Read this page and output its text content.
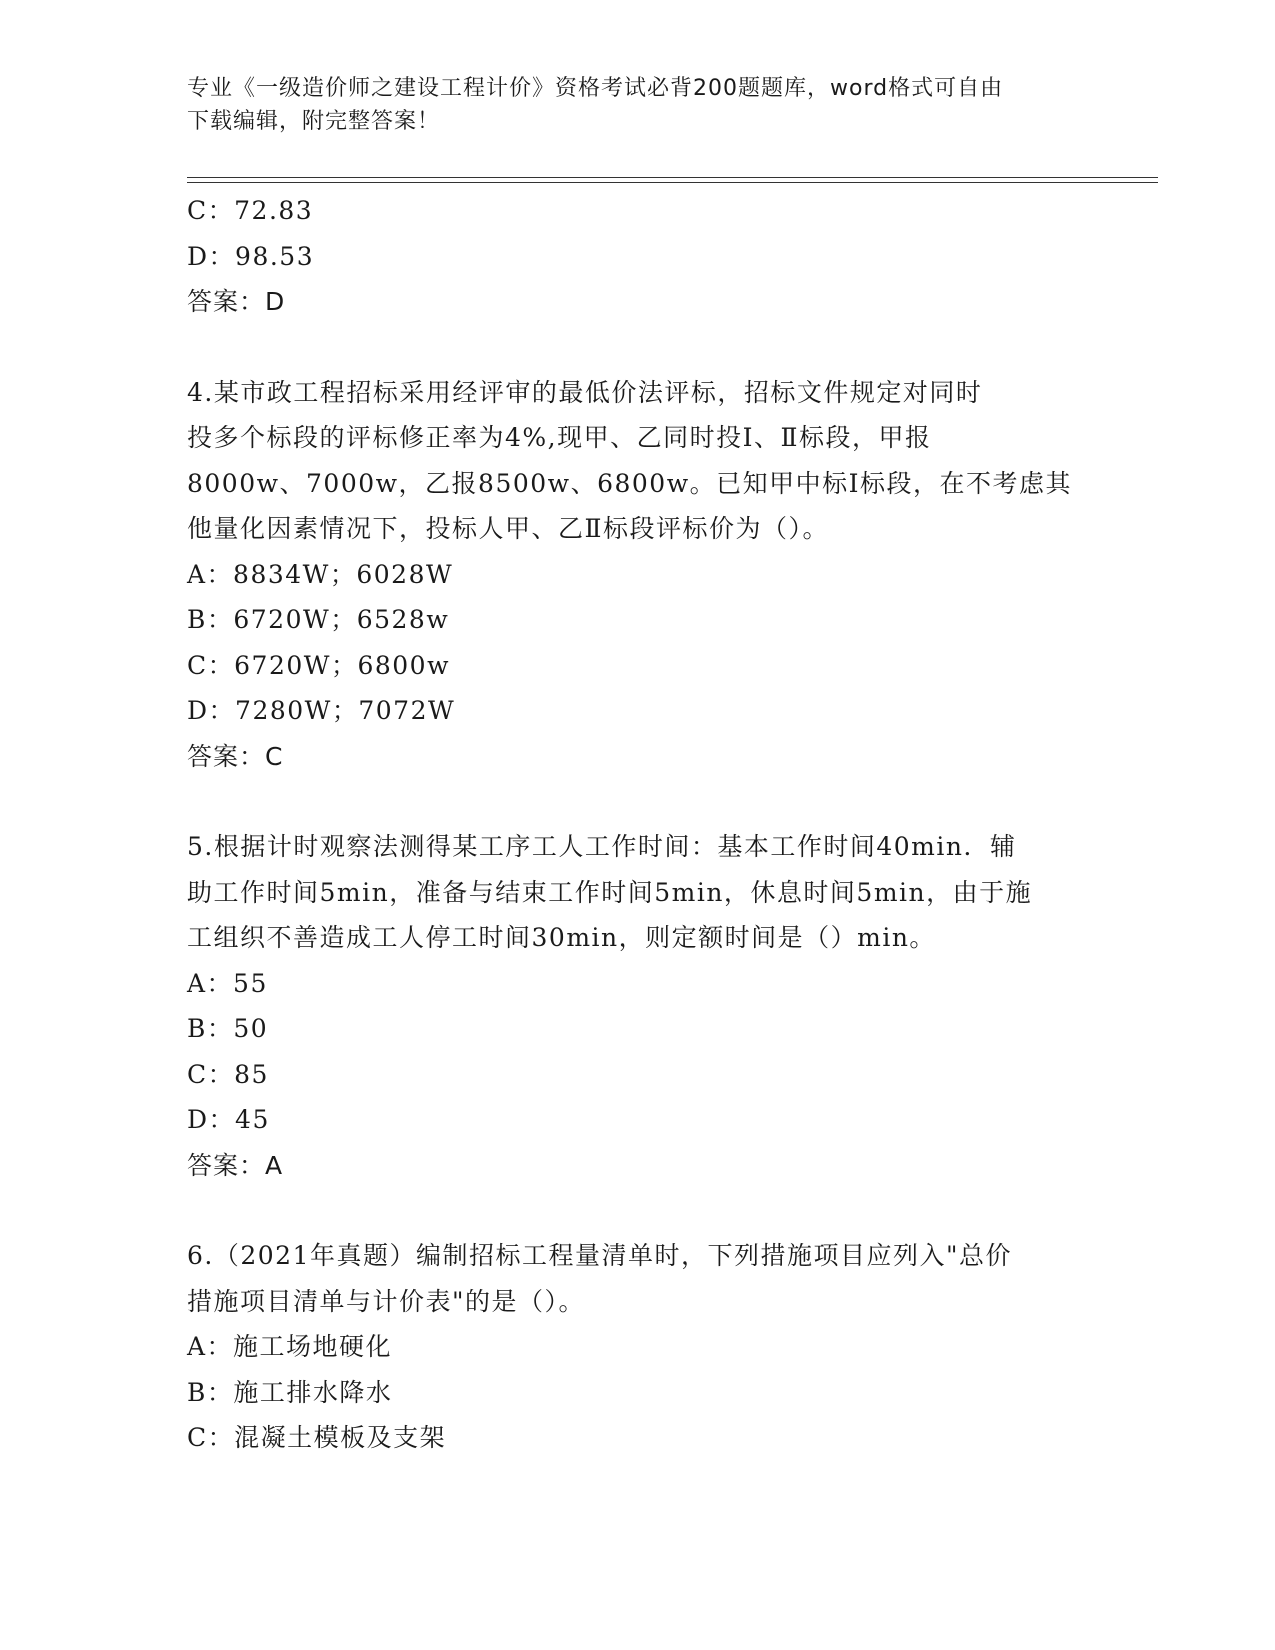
专业《一级造价师之建设工程计价》资格考试必背200题题库，word格式可自由
下载编辑，附完整答案！
C：72.83
D：98.53
答案：D
4.某市政工程招标采用经评审的最低价法评标，招标文件规定对同时
投多个标段的评标修正率为4%,现甲、乙同时投Ⅰ、Ⅱ标段，甲报
8000w、7000w，乙报8500w、6800w。已知甲中标Ⅰ标段，在不考虑其
他量化因素情况下，投标人甲、乙Ⅱ标段评标价为（）。
A：8834W；6028W
B：6720W；6528w
C：6720W；6800w
D：7280W；7072W
答案：C
5.根据计时观察法测得某工序工人工作时间：基本工作时间40min．辅
助工作时间5min，准备与结束工作时间5min，休息时间5min，由于施
工组织不善造成工人停工时间30min，则定额时间是（）min。
A：55
B：50
C：85
D：45
答案：A
6.（2021年真题）编制招标工程量清单时，下列措施项目应列入"总价
措施项目清单与计价表"的是（）。
A：施工场地硬化
B：施工排水降水
C：混凝土模板及支架
